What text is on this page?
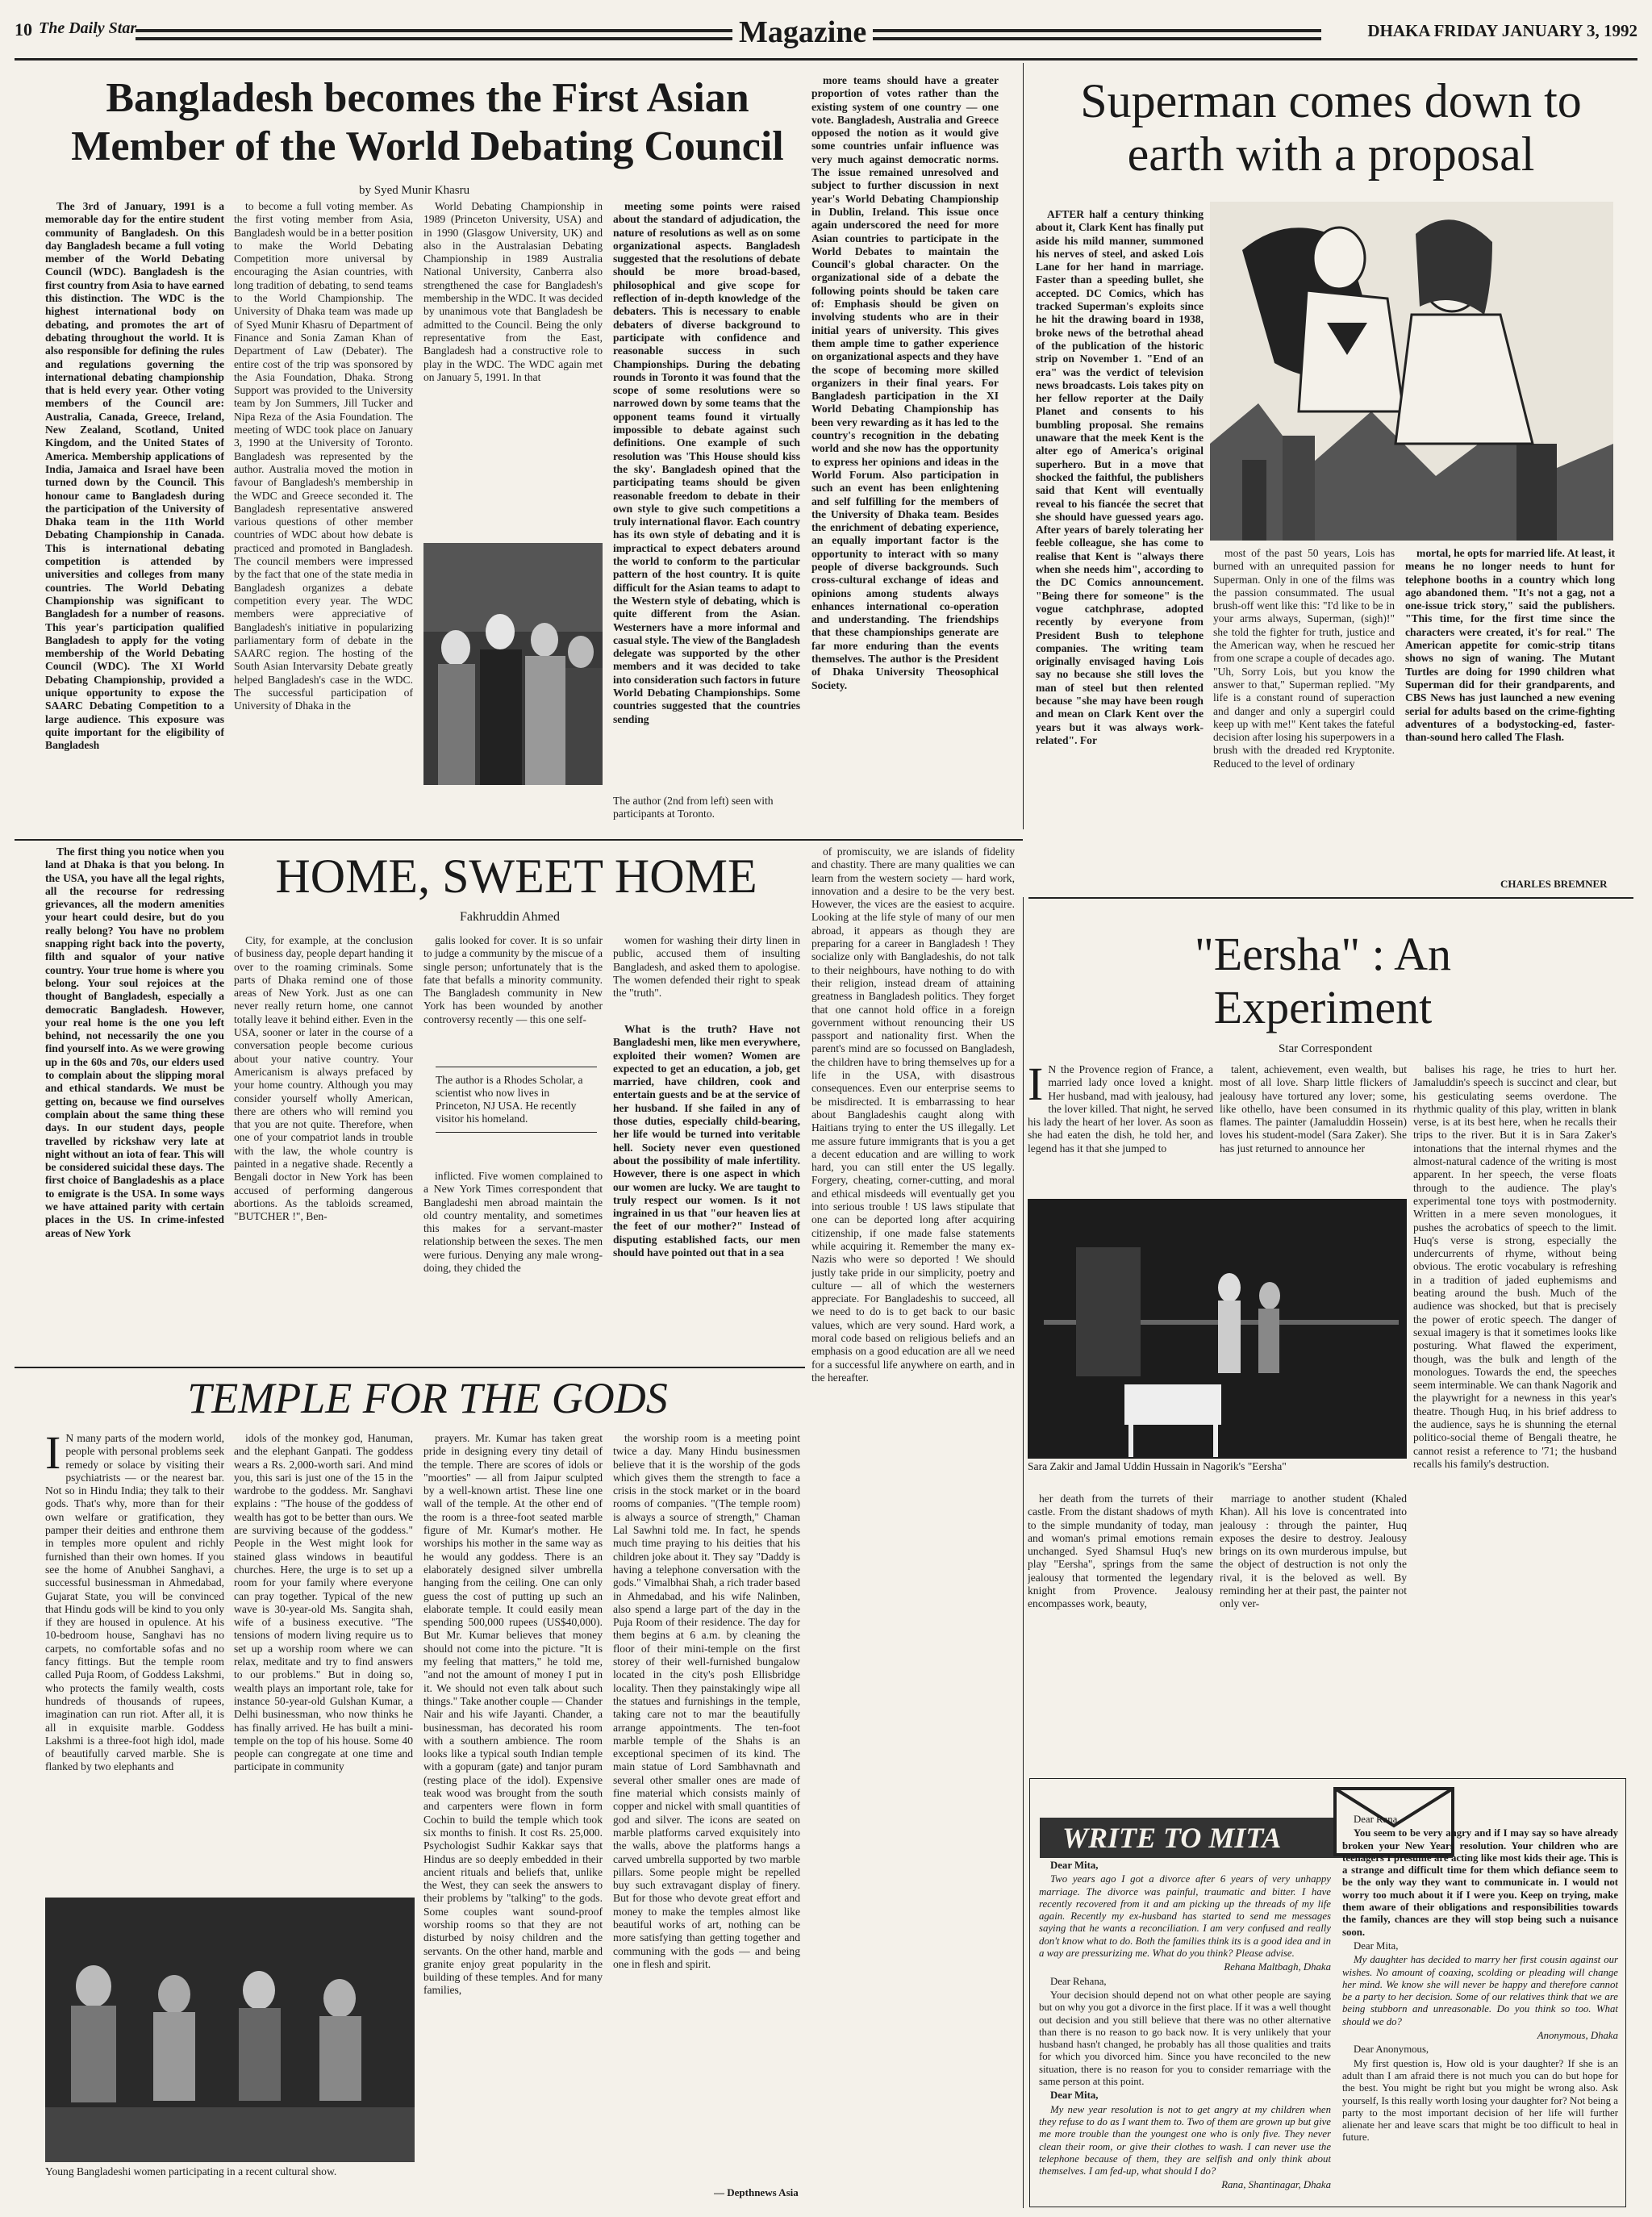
10 The Daily Star	Magazine	DHAKA FRIDAY JANUARY 3, 1992
Bangladesh becomes the First Asian Member of the World Debating Council
by Syed Munir Khasru

The 3rd of January, 1991 is a memorable day for the entire student community of Bangladesh. On this day Bangladesh became a full voting member of the World Debating Council (WDC). Bangladesh is the first country from Asia to have earned this distinction. The WDC is the highest international body on debating, and promotes the art of debating throughout the world. It is also responsible for defining the rules and regulations governing the international debating championship that is held every year. Other voting members of the Council are: Australia, Canada, Greece, Ireland, New Zealand, Scotland, United Kingdom, and the United States of America. Membership applications of India, Jamaica and Israel have been turned down by the Council. This honour came to Bangladesh during the participation of the University of Dhaka team in the 11th World Debating Championship in Canada. This is international debating competition is attended by universities and colleges from many countries. The World Debating Championship was significant to Bangladesh for a number of reasons. This year's participation qualified Bangladesh to apply for the voting membership of the World Debating Council (WDC). The XI World Debating Championship, provided a unique opportunity to expose the SAARC Debating Competition to a large audience. This exposure was quite important for the eligibility of Bangladesh

to become a full voting member. As the first voting member from Asia, Bangladesh would be in a better position to make the World Debating Competition more universal by encouraging the Asian countries, with long tradition of debating, to send teams to the World Championship. The University of Dhaka team was made up of Syed Munir Khasru of Department of Finance and Sonia Zaman Khan of Department of Law (Debater). The entire cost of the trip was sponsored by the Asia Foundation, Dhaka. Strong Support was provided to the University team by Jon Summers, Jill Tucker and Nipa Reza of the Asia Foundation. The meeting of WDC took place on January 3, 1990 at the University of Toronto. Bangladesh was represented by the author. Australia moved the motion in favour of Bangladesh's membership in the WDC and Greece seconded it. The Bangladesh representative answered various questions of other member countries of WDC about how debate is practiced and promoted in Bangladesh. The council members were impressed by the fact that one of the state media in Bangladesh organizes a debate competition every year. The WDC members were appreciative of Bangladesh's initiative in popularizing parliamentary form of debate in the SAARC region. The hosting of the South Asian Intervarsity Debate greatly helped Bangladesh's case in the WDC. The successful participation of University of Dhaka in the

World Debating Championship in 1989 (Princeton University, USA) and in 1990 (Glasgow University, UK) and also in the Australasian Debating Championship in 1989 Australia National University, Canberra also strengthened the case for Bangladesh's membership in the WDC. It was decided by unanimous vote that Bangladesh be admitted to the Council. Being the only representative from the East, Bangladesh had a constructive role to play in the WDC. The WDC again met on January 5, 1991. In that

The author (2nd from left) seen with participants at Toronto.

meeting some points were raised about the standard of adjudication, the nature of resolutions as well as on some organizational aspects. Bangladesh suggested that the resolutions of debate should be more broad-based, philosophical and give scope for reflection of in-depth knowledge of the debaters. This is necessary to enable debaters of diverse background to participate with confidence and reasonable success in such Championships. During the debating rounds in Toronto it was found that the scope of some resolutions were so narrowed down by some teams that the opponent teams found it virtually impossible to debate against such definitions. One example of such resolution was 'This House should kiss the sky'. Bangladesh opined that the participating teams should be given reasonable freedom to debate in their own style to give such competitions a truly international flavor. Each country has its own style of debating and it is impractical to expect debaters around the world to conform to the particular pattern of the host country. It is quite difficult for the Asian teams to adapt to the Western style of debating, which is quite different from the Asian. Westerners have a more informal and casual style. The view of the Bangladesh delegate was supported by the other members and it was decided to take into consideration such factors in future World Debating Championships. Some countries suggested that the countries sending

more teams should have a greater proportion of votes rather than the existing system of one country — one vote. Bangladesh, Australia and Greece opposed the notion as it would give some countries unfair influence was very much against democratic norms. The issue remained unresolved and subject to further discussion in next year's World Debating Championship in Dublin, Ireland. This issue once again underscored the need for more Asian countries to participate in the World Debates to maintain the Council's global character. On the organizational side of a debate the following points should be taken care of: Emphasis should be given on involving students who are in their initial years of university. This gives them ample time to gather experience on organizational aspects and they have the scope of becoming more skilled organizers in their final years. For Bangladesh participation in the XI World Debating Championship has been very rewarding as it has led to the country's recognition in the debating world and she now has the opportunity to express her opinions and ideas in the World Forum. Also participation in such an event has been enlightening and self fulfilling for the members of the University of Dhaka team. Besides the enrichment of debating experience, an equally important factor is the opportunity to interact with so many people of diverse backgrounds. Such cross-cultural exchange of ideas and opinions among students always enhances international co-operation and understanding. The friendships that these championships generate are far more enduring than the events themselves. The author is the President of Dhaka University Theosophical Society.

Superman comes down to earth with a proposal

AFTER half a century thinking about it, Clark Kent has finally put aside his mild manner, summoned his nerves of steel, and asked Lois Lane for her hand in marriage. Faster than a speeding bullet, she accepted. DC Comics, which has tracked Superman's exploits since he hit the drawing board in 1938, broke news of the betrothal ahead of the publication of the historic strip on November 1. "End of an era" was the verdict of television news broadcasts. Lois takes pity on her fellow reporter at the Daily Planet and consents to his bumbling proposal. She remains unaware that the meek Kent is the alter ego of America's original superhero. But in a move that shocked the faithful, the publishers said that Kent will eventually reveal to his fiancée the secret that she should have guessed years ago. After years of barely tolerating her feeble colleague, she has come to realise that Kent is "always there when she needs him", according to the DC Comics announcement. "Being there for someone" is the vogue catchphrase, adopted recently by everyone from President Bush to telephone companies. The writing team originally envisaged having Lois say no because she still loves the man of steel but then relented because "she may have been rough and mean on Clark Kent over the years but it was always work-related". For

most of the past 50 years, Lois has burned with an unrequited passion for Superman. Only in one of the films was the passion consummated. The usual brush-off went like this: "I'd like to be in your arms always, Superman, (sigh)!" she told the fighter for truth, justice and the American way, when he rescued her from one scrape a couple of decades ago. "Uh, Sorry Lois, but you know the answer to that," Superman replied. "My life is a constant round of superaction and danger and only a supergirl could keep up with me!" Kent takes the fateful decision after losing his superpowers in a brush with the dreaded red Kryptonite. Reduced to the level of ordinary

mortal, he opts for married life. At least, it means he no longer needs to hunt for telephone booths in a country which long ago abandoned them. "It's not a gag, not a one-issue trick story," said the publishers. "This time, for the first time since the characters were created, it's for real." The American appetite for comic-strip titans shows no sign of waning. The Mutant Turtles are doing for 1990 children what Superman did for their grandparents, and CBS News has just launched a new evening serial for adults based on the crime-fighting adventures of a bodystocking-ed, faster-than-sound hero called The Flash.

CHARLES BREMNER

The first thing you notice when you land at Dhaka is that you belong. In the USA, you have all the legal rights, all the recourse for redressing grievances, all the modern amenities your heart could desire, but do you really belong? You have no problem snapping right back into the poverty, filth and squalor of your native country. Your true home is where you belong. Your soul rejoices at the thought of Bangladesh, especially a democratic Bangladesh. However, your real home is the one you left behind, not necessarily the one you find yourself into. As we were growing up in the 60s and 70s, our elders used to complain about the slipping moral and ethical standards. We must be getting on, because we find ourselves complain about the same thing these days. In our student days, people travelled by rickshaw very late at night without an iota of fear. This will be considered suicidal these days. The first choice of Bangladeshis as a place to emigrate is the USA. In some ways we have attained parity with certain places in the US. In crime-infested areas of New York

HOME, SWEET HOME
Fakhruddin Ahmed

City, for example, at the conclusion of business day, people depart handing it over to the roaming criminals. Some parts of Dhaka remind one of those areas of New York. Just as one can never really return home, one cannot totally leave it behind either. Even in the USA, sooner or later in the course of a conversation people become curious about your native country. Your Americanism is always prefaced by your home country. Although you may consider yourself wholly American, there are others who will remind you that you are not quite. Therefore, when one of your compatriot lands in trouble with the law, the whole country is painted in a negative shade. Recently a Bengali doctor in New York has been accused of performing dangerous abortions. As the tabloids screamed, "BUTCHER !", Ben-

galis looked for cover. It is so unfair to judge a community by the miscue of a single person; unfortunately that is the fate that befalls a minority community. The Bangladesh community in New York has been wounded by another controversy recently — this one self-

The author is a Rhodes Scholar, a scientist who now lives in Princeton, NJ USA. He recently visitor his homeland.

inflicted. Five women complained to a New York Times correspondent that Bangladeshi men abroad maintain the old country mentality, and sometimes this makes for a servant-master relationship between the sexes. The men were furious. Denying any male wrong-doing, they chided the

women for washing their dirty linen in public, accused them of insulting Bangladesh, and asked them to apologise. The women defended their right to speak the "truth".

What is the truth? Have not Bangladeshi men, like men everywhere, exploited their women? Women are expected to get an education, a job, get married, have children, cook and entertain guests and be at the service of her husband. If she failed in any of those duties, especially child-bearing, her life would be turned into veritable hell. Society never even questioned about the possibility of male infertility. However, there is one aspect in which our women are lucky. We are taught to truly respect our women. Is it not ingrained in us that "our heaven lies at the feet of our mother?" Instead of disputing established facts, our men should have pointed out that in a sea

of promiscuity, we are islands of fidelity and chastity. There are many qualities we can learn from the western society — hard work, innovation and a desire to be the very best. However, the vices are the easiest to acquire. Looking at the life style of many of our men abroad, it appears as though they are preparing for a career in Bangladesh ! They socialize only with Bangladeshis, do not talk to their neighbours, have nothing to do with their religion, instead dream of attaining greatness in Bangladesh politics. They forget that one cannot hold office in a foreign government without renouncing their US passport and nationality first. When the parent's mind are so focussed on Bangladesh, the children have to bring themselves up for a life in the USA, with disastrous consequences. Even our enterprise seems to be misdirected. It is embarrassing to hear about Bangladeshis caught along with Haitians trying to enter the US illegally. Let me assure future immigrants that is you a get a decent education and are willing to work hard, you can still enter the US legally. Forgery, cheating, corner-cutting, and moral and ethical misdeeds will eventually get you into serious trouble ! US laws stipulate that one can be deported long after acquiring citizenship, if one made false statements while acquiring it. Remember the many ex-Nazis who were so deported ! We should justly take pride in our simplicity, poetry and culture — all of which the westerners appreciate. For Bangladeshis to succeed, all we need to do is to get back to our basic values, which are very sound. Hard work, a moral code based on religious beliefs and an emphasis on a good education are all we need for a successful life anywhere on earth, and in the hereafter.

"Eersha" : An Experiment
Star Correspondent
I N the Provence region of France, a married lady once loved a knight. Her husband, mad with jealousy, had the lover killed. That night, he served his lady the heart of her lover. As soon as she had eaten the dish, he told her, and legend has it that she jumped to

talent, achievement, even wealth, but most of all love. Sharp little flickers of jealousy have tortured any lover; some, like othello, have been consumed in its flames. The painter (Jamaluddin Hossein) loves his student-model (Sara Zaker). She has just returned to announce her

balises his rage, he tries to hurt her. Jamaluddin's speech is succinct and clear, but his gesticulating seems overdone. The rhythmic quality of this play, written in blank verse, is at its best here, when he recalls their trips to the river. But it is in Sara Zaker's intonations that the internal rhymes and the almost-natural cadence of the writing is most apparent. In her speech, the verse floats through to the audience. The play's experimental tone toys with postmodernity. Written in a mere seven monologues, it pushes the acrobatics of speech to the limit. Huq's verse is strong, especially the undercurrents of rhyme, without being obvious. The erotic vocabulary is refreshing in a tradition of jaded euphemisms and beating around the bush. Much of the audience was shocked, but that is precisely the power of erotic speech. The danger of sexual imagery is that it sometimes looks like posturing. What flawed the experiment, though, was the bulk and length of the monologues. Towards the end, the speeches seem interminable. We can thank Nagorik and the playwright for a newness in this year's theatre. Though Huq, in his brief address to the audience, says he is shunning the eternal politico-social theme of Bengali theatre, he cannot resist a reference to '71; the husband recalls his family's destruction.

Sara Zakir and Jamal Uddin Hussain in Nagorik's "Eersha"

her death from the turrets of their castle. From the distant shadows of myth to the simple mundanity of today, man and woman's primal emotions remain unchanged. Syed Shamsul Huq's new play "Eersha", springs from the same jealousy that tormented the legendary knight from Provence. Jealousy encompasses work, beauty,

marriage to another student (Khaled Khan). All his love is concentrated into jealousy : through the painter, Huq exposes the desire to destroy. Jealousy brings on its own murderous impulse, but the object of destruction is not only the rival, it is the beloved as well. By reminding her at their past, the painter not only ver-

TEMPLE FOR THE GODS
I N many parts of the modern world, people with personal problems seek remedy or solace by visiting their psychiatrists — or the nearest bar. Not so in Hindu India; they talk to their gods. That's why, more than for their own welfare or gratification, they pamper their deities and enthrone them in temples more opulent and richly furnished than their own homes. If you see the home of Anubhei Sanghavi, a successful businessman in Ahmedabad, Gujarat State, you will be convinced that Hindu gods will be kind to you only if they are housed in opulence. At his 10-bedroom house, Sanghavi has no carpets, no comfortable sofas and no fancy fittings. But the temple room called Puja Room, of Goddess Lakshmi, who protects the family wealth, costs hundreds of thousands of rupees, imagination can run riot. After all, it is all in exquisite marble. Goddess Lakshmi is a three-foot high idol, made of beautifully carved marble. She is flanked by two elephants and

idols of the monkey god, Hanuman, and the elephant Ganpati. The goddess wears a Rs. 2,000-worth sari. And mind you, this sari is just one of the 15 in the wardrobe to the goddess. Mr. Sanghavi explains : "The house of the goddess of wealth has got to be better than ours. We are surviving because of the goddess." People in the West might look for stained glass windows in beautiful churches. Here, the urge is to set up a room for your family where everyone can pray together. Typical of the new wave is 30-year-old Ms. Sangita shah, wife of a business executive. "The tensions of modern living require us to set up a worship room where we can relax, meditate and try to find answers to our problems." But in doing so, wealth plays an important role, take for instance 50-year-old Gulshan Kumar, a Delhi businessman, who now thinks he has finally arrived. He has built a mini-temple on the top of his house. Some 40 people can congregate at one time and participate in community

prayers. Mr. Kumar has taken great pride in designing every tiny detail of the temple. There are scores of idols or "moorties" — all from Jaipur sculpted by a well-known artist. These line one wall of the temple. At the other end of the room is a three-foot seated marble figure of Mr. Kumar's mother. He worships his mother in the same way as he would any goddess. There is an elaborately designed silver umbrella hanging from the ceiling. One can only guess the cost of putting up such an elaborate temple. It could easily mean spending 500,000 rupees (US$40,000). But Mr. Kumar believes that money should not come into the picture. "It is my feeling that matters," he told me, "and not the amount of money I put in it. We should not even talk about such things." Take another couple — Chander Nair and his wife Jayanti. Chander, a businessman, has decorated his room with a southern ambience. The room looks like a typical south Indian temple with a gopuram (gate) and tanjor puram (resting place of the idol). Expensive teak wood was brought from the south and carpenters were flown in form Cochin to build the temple which took six months to finish. It cost Rs. 25,000. Psychologist Sudhir Kakkar says that Hindus are so deeply embedded in their ancient rituals and beliefs that, unlike the West, they can seek the answers to their problems by "talking" to the gods. Some couples want sound-proof worship rooms so that they are not disturbed by noisy children and the servants. On the other hand, marble and granite enjoy great popularity in the building of these temples. And for many families,

the worship room is a meeting point twice a day. Many Hindu businessmen believe that it is the worship of the gods which gives them the strength to face a crisis in the stock market or in the board rooms of companies. "(The temple room) is always a source of strength," Chaman Lal Sawhni told me. In fact, he spends much time praying to his deities that his children joke about it. They say "Daddy is having a telephone conversation with the gods." Vimalbhai Shah, a rich trader based in Ahmedabad, and his wife Nalinben, also spend a large part of the day in the Puja Room of their residence. The day for them begins at 6 a.m. by cleaning the floor of their mini-temple on the first storey of their well-furnished bungalow located in the city's posh Ellisbridge locality. Then they painstakingly wipe all the statues and furnishings in the temple, taking care not to mar the beautifully arrange appointments. The ten-foot marble temple of the Shahs is an exceptional specimen of its kind. The main statue of Lord Sambhavnath and several other smaller ones are made of fine material which consists mainly of copper and nickel with small quantities of god and silver. The icons are seated on marble platforms carved exquisitely into the walls, above the platforms hangs a carved umbrella supported by two marble pillars. Some people might be repelled buy such extravagant display of finery. But for those who devote great effort and money to make the temples almost like beautiful works of art, nothing can be more satisfying than getting together and communing with the gods — and being one in flesh and spirit.

— Depthnews Asia
Young Bangladeshi women participating in a recent cultural show.
WRITE TO MITA

Dear Mita,

Two years ago I got a divorce after 6 years of very unhappy marriage. The divorce was painful, traumatic and bitter. I have recently recovered from it and am picking up the threads of my life again. Recently my ex-husband has started to send me messages saying that he wants a reconciliation. I am very confused and really don't know what to do. Both the families think its is a good idea and in a way are pressurizing me. What do you think? Please advise.

Rehana Maltbagh, Dhaka

Dear Rehana,

Your decision should depend not on what other people are saying but on why you got a divorce in the first place. If it was a well thought out decision and you still believe that there was no other alternative than there is no reason to go back now. It is very unlikely that your husband hasn't changed, he probably has all those qualities and traits for which you divorced him. Since you have reconciled to the new situation, there is no reason for you to consider remarriage with the same person at this point.

Dear Mita,

My new year resolution is not to get angry at my children when they refuse to do as I want them to. Two of them are grown up but give me more trouble than the youngest one who is only five. They never clean their room, or give their clothes to wash. I can never use the telephone because of them, they are selfish and only think about themselves. I am fed-up, what should I do?

Rana, Shantinagar, Dhaka

Dear Rana,

You seem to be very angry and if I may say so have already broken your New Years resolution. Your children who are teenagers I presume are acting like most kids their age. This is a strange and difficult time for them which defiance seem to be the only way they want to communicate in. I would not worry too much about it if I were you. Keep on trying, make them aware of their obligations and responsibilities towards the family, chances are they will stop being such a nuisance soon.

Dear Mita,

My daughter has decided to marry her first cousin against our wishes. No amount of coaxing, scolding or pleading will change her mind. We know she will never be happy and therefore cannot be a party to her decision. Some of our relatives think that we are being stubborn and unreasonable. Do you think so too. What should we do?

Anonymous, Dhaka

Dear Anonymous,

My first question is, How old is your daughter? If she is an adult than I am afraid there is not much you can do but hope for the best. You might be right but you might be wrong also. Ask yourself, Is this really worth losing your daughter for? Not being a party to the most important decision of her life will further alienate her and leave scars that might be too difficult to heal in future.
